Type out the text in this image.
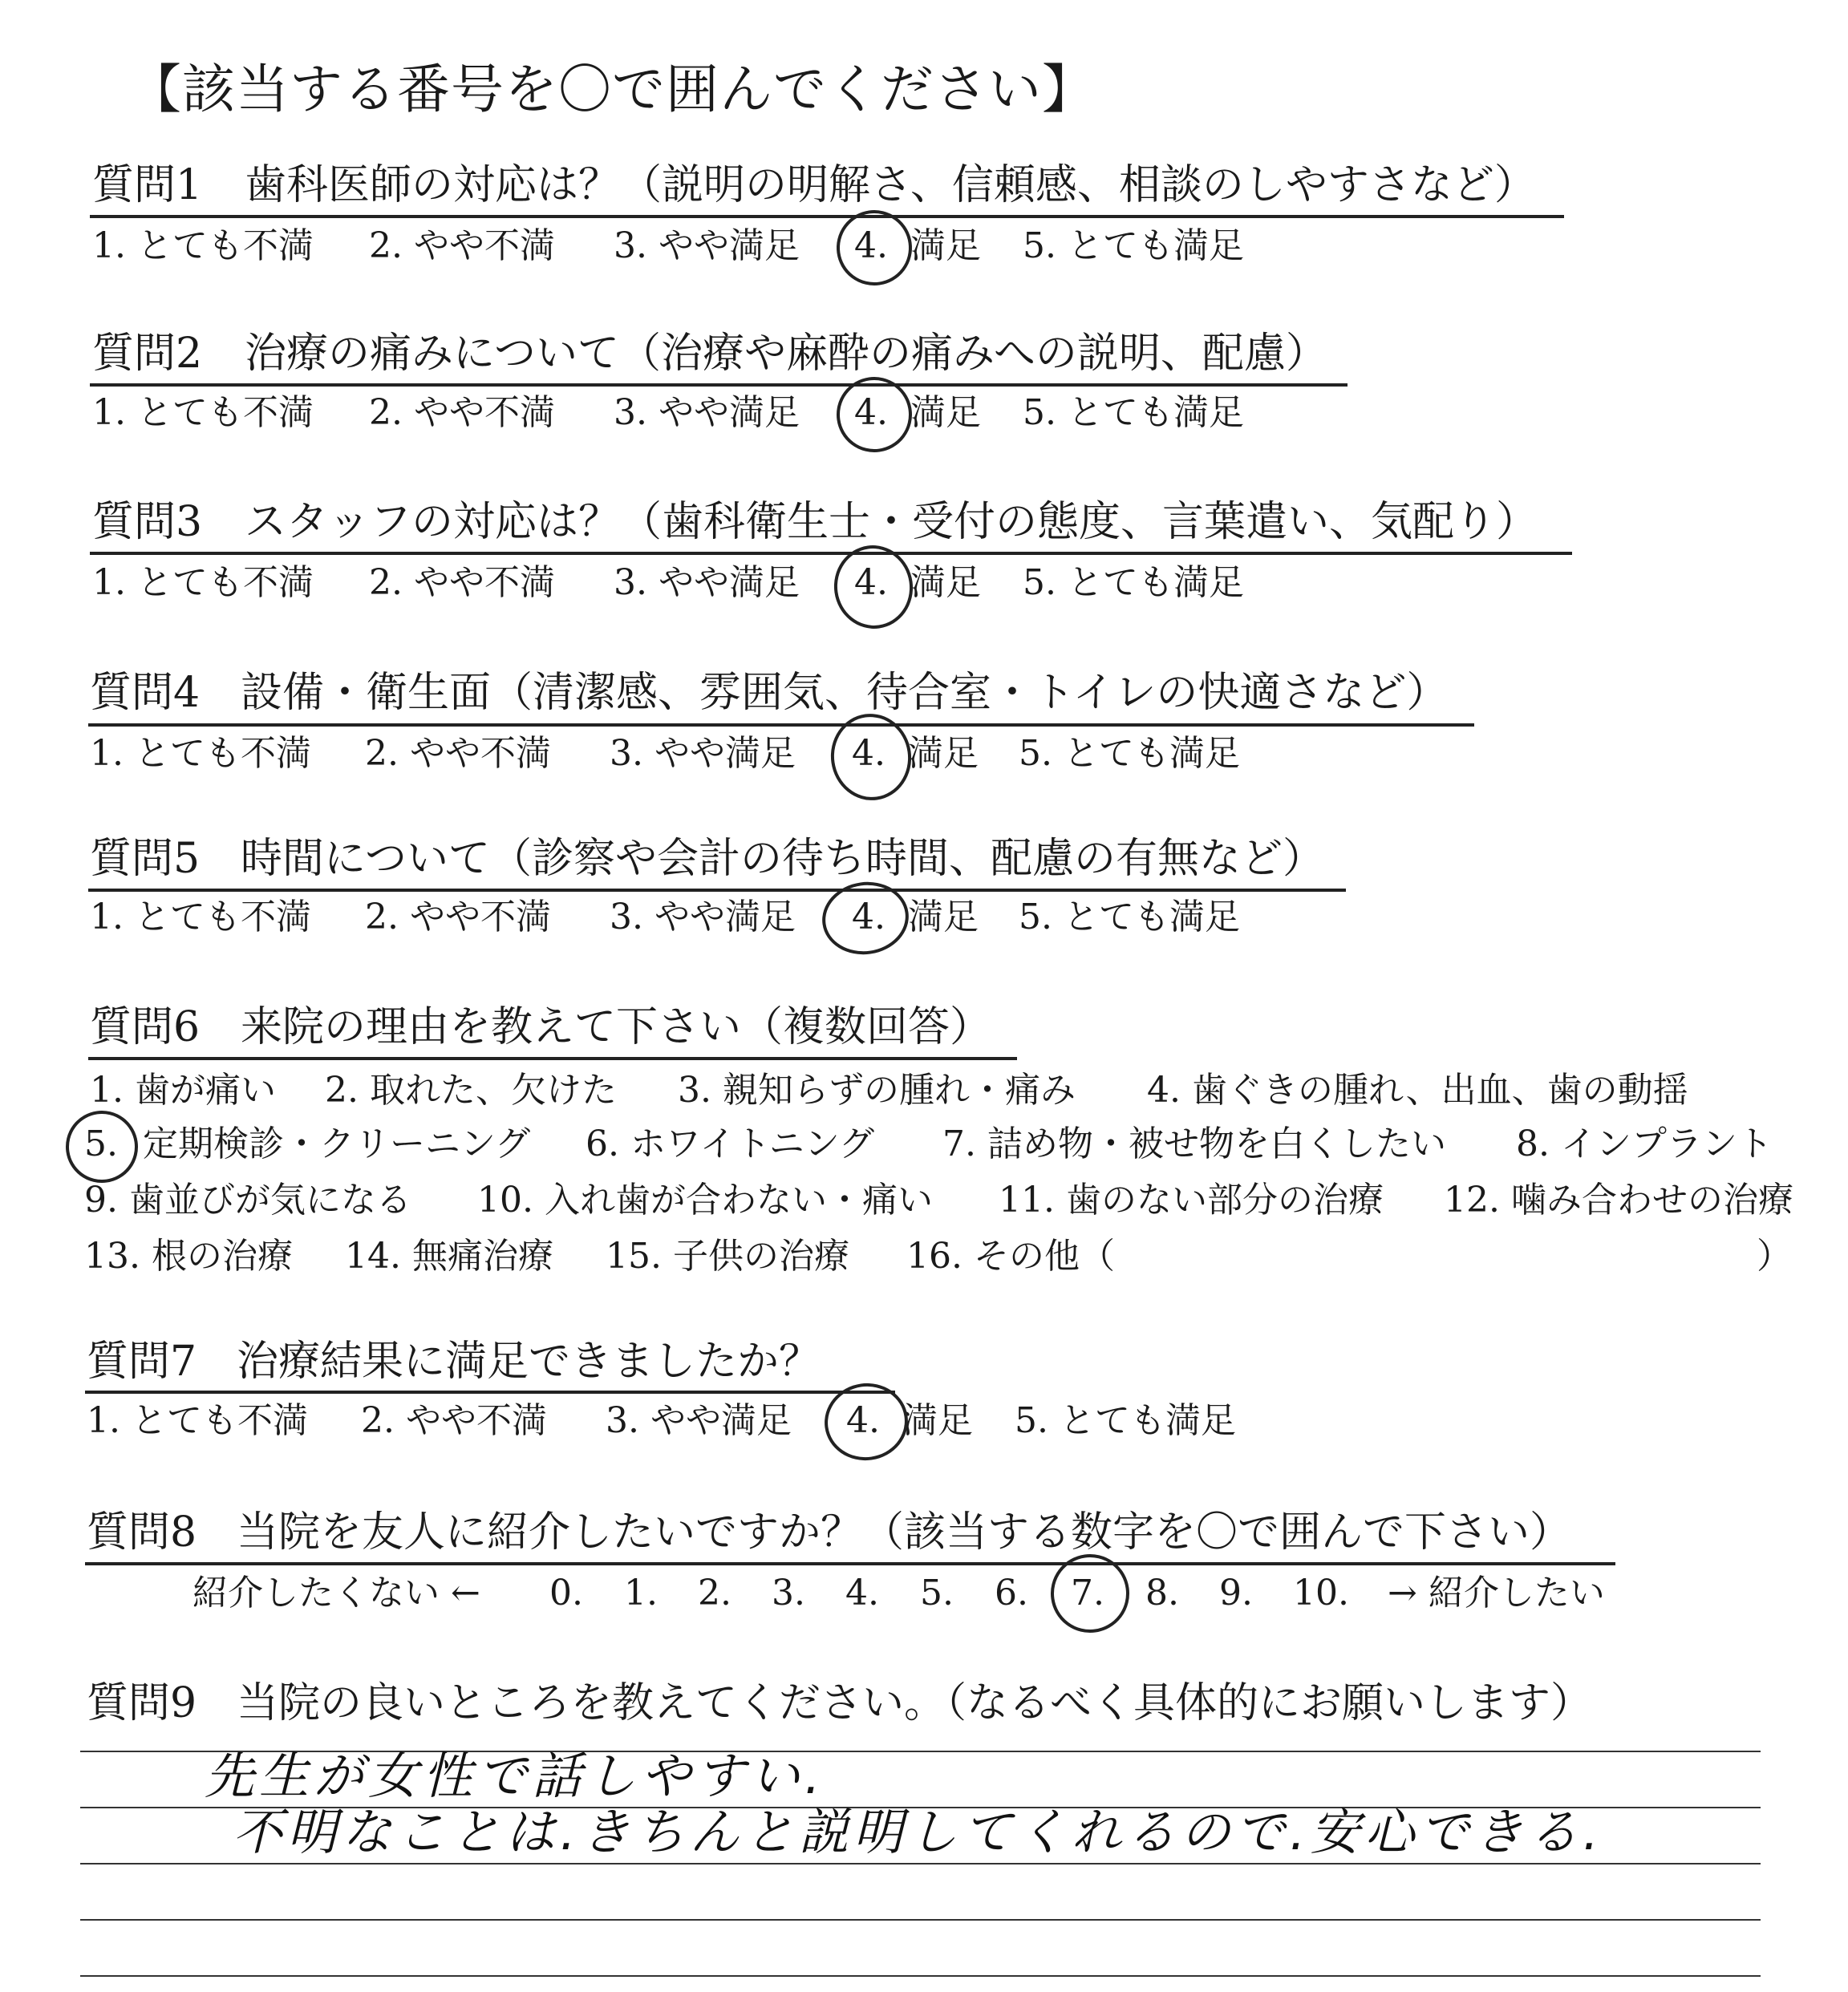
【該当する番号を〇で囲んでください】
質問1 歯科医師の対応は？（説明の明解さ、信頼感、相談のしやすさなど）
1. とても不満 2. やや不満 3. やや満足 4. 満足 5. とても満足
質問2 治療の痛みについて（治療や麻酔の痛みへの説明、配慮）
1. とても不満 2. やや不満 3. やや満足 4. 満足 5. とても満足
質問3 スタッフの対応は？（歯科衛生士・受付の態度、言葉遣い、気配り）
1. とても不満 2. やや不満 3. やや満足 4. 満足 5. とても満足
質問4 設備・衛生面（清潔感、雰囲気、待合室・トイレの快適さなど）
1. とても不満 2. やや不満 3. やや満足 4. 満足 5. とても満足
質問5 時間について（診察や会計の待ち時間、配慮の有無など）
1. とても不満 2. やや不満 3. やや満足 4. 満足 5. とても満足
質問6 来院の理由を教えて下さい（複数回答）
1. 歯が痛い 2. 取れた、欠けた 3. 親知らずの腫れ・痛み 4. 歯ぐきの腫れ、出血、歯の動揺
5. 定期検診・クリーニング 6. ホワイトニング 7. 詰め物・被せ物を白くしたい 8. インプラント
9. 歯並びが気になる 10. 入れ歯が合わない・痛い 11. 歯のない部分の治療 12. 噛み合わせの治療
13. 根の治療 14. 無痛治療 15. 子供の治療 16. その他（	）
質問7 治療結果に満足できましたか？
1. とても不満 2. やや不満 3. やや満足 4. 満足 5. とても満足
質問8 当院を友人に紹介したいですか？（該当する数字を〇で囲んで下さい）
紹介したくない ← 0. 1. 2. 3. 4. 5. 6. 7. 8. 9. 10. → 紹介したい
質問9 当院の良いところを教えてください。（なるべく具体的にお願いします）
先生が女性で話しやすい.
不明なことは.きちんと説明してくれるので.安心できる.
